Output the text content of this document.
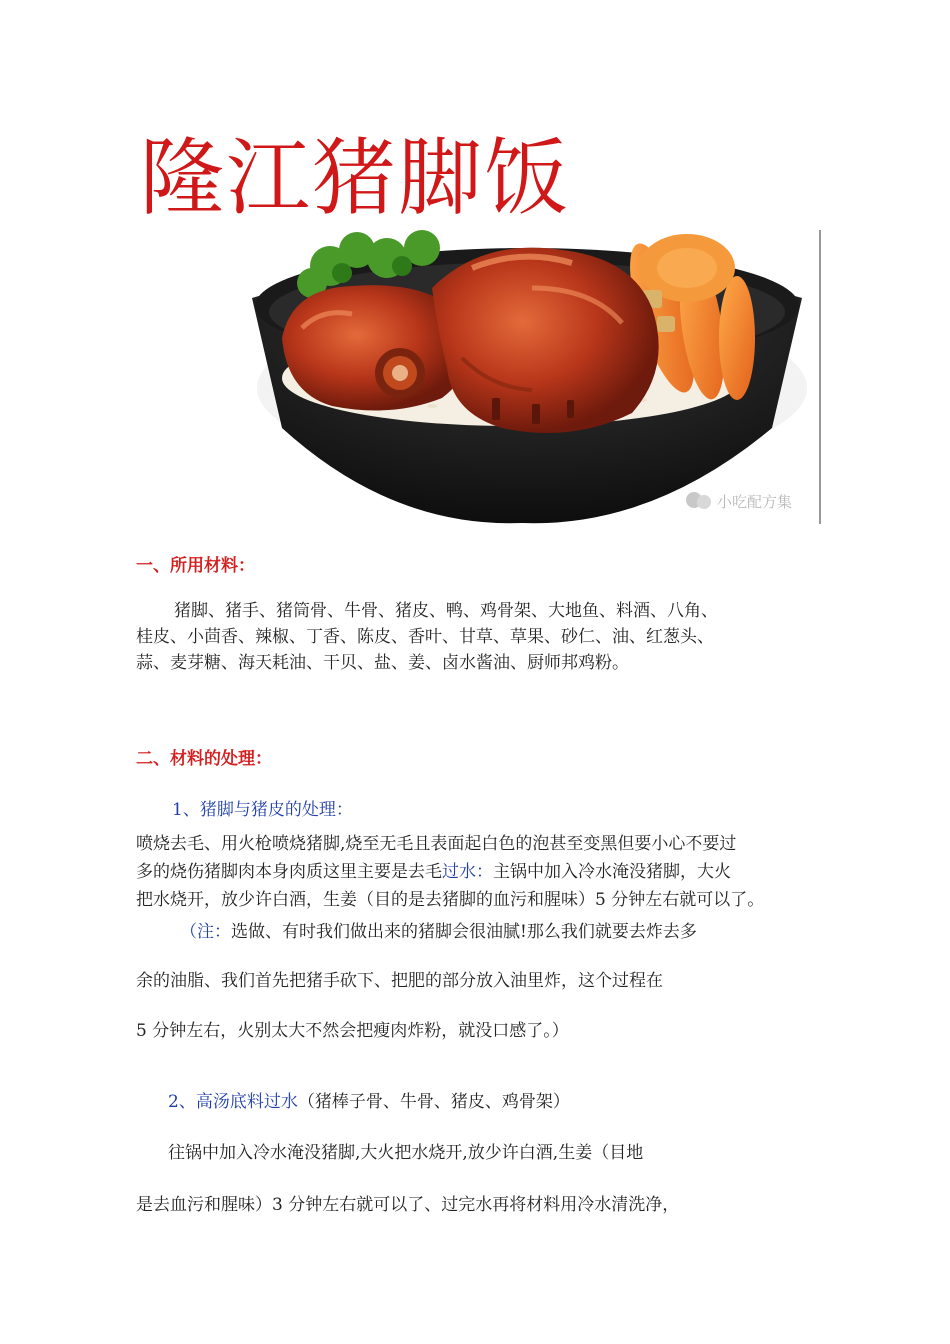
隆江猪脚饭
小吃配方集
一、所用材料：
猪脚、猪手、猪筒骨、牛骨、猪皮、鸭、鸡骨架、大地鱼、料酒、八角、
桂皮、小茴香、辣椒、丁香、陈皮、香叶、甘草、草果、砂仁、油、红葱头、
蒜、麦芽糖、海天耗油、干贝、盐、姜、卤水酱油、厨师邦鸡粉。
二、材料的处理：
1、猪脚与猪皮的处理：
喷烧去毛、用火枪喷烧猪脚,烧至无毛且表面起白色的泡甚至变黑但要小心不要过
多的烧伤猪脚肉本身肉质这里主要是去毛过水：主锅中加入冷水淹没猪脚，大火
把水烧开，放少许白酒，生姜（目的是去猪脚的血污和腥味）5 分钟左右就可以了。
（注：选做、有时我们做出来的猪脚会很油腻!那么我们就要去炸去多
余的油脂、我们首先把猪手砍下、把肥的部分放入油里炸，这个过程在
5 分钟左右，火别太大不然会把瘦肉炸粉，就没口感了。）
2、高汤底料过水（猪棒子骨、牛骨、猪皮、鸡骨架）
往锅中加入冷水淹没猪脚,大火把水烧开,放少许白酒,生姜（目地
是去血污和腥味）3 分钟左右就可以了、过完水再将材料用冷水清洗净，
